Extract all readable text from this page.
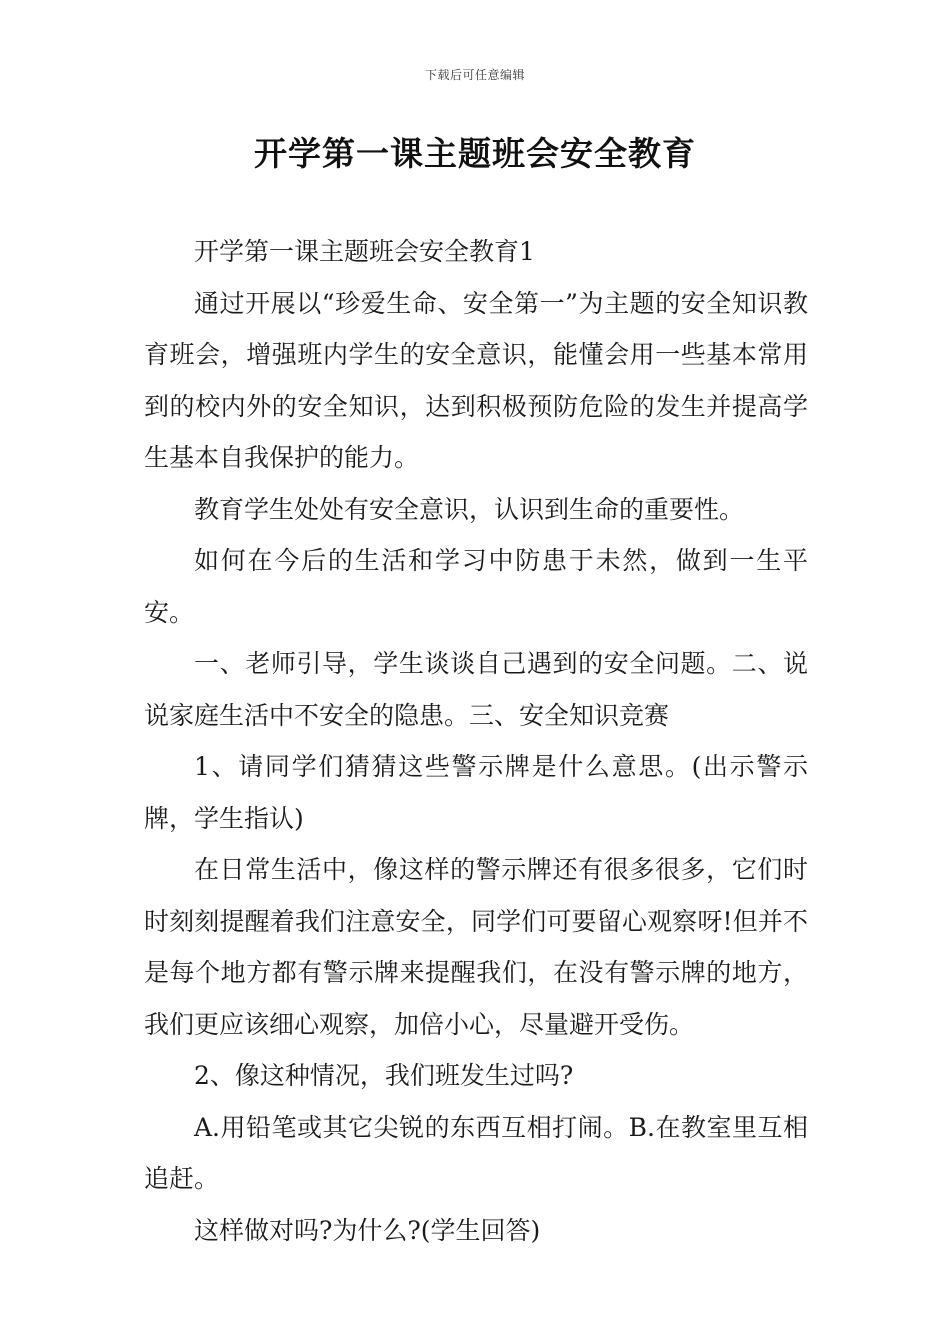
下载后可任意编辑
开学第一课主题班会安全教育

开学第一课主题班会安全教育1

通过开展以“珍爱生命、安全第一”为主题的安全知识教育班会，增强班内学生的安全意识，能懂会用一些基本常用到的校内外的安全知识，达到积极预防危险的发生并提高学生基本自我保护的能力。

教育学生处处有安全意识，认识到生命的重要性。

如何在今后的生活和学习中防患于未然，做到一生平安。

一、老师引导，学生谈谈自己遇到的安全问题。二、说说家庭生活中不安全的隐患。三、安全知识竞赛

1、请同学们猜猜这些警示牌是什么意思。(出示警示牌，学生指认)

在日常生活中，像这样的警示牌还有很多很多，它们时时刻刻提醒着我们注意安全，同学们可要留心观察呀!但并不是每个地方都有警示牌来提醒我们，在没有警示牌的地方，我们更应该细心观察，加倍小心，尽量避开受伤。

2、像这种情况，我们班发生过吗?

A.用铅笔或其它尖锐的东西互相打闹。B.在教室里互相追赶。

这样做对吗?为什么?(学生回答)
